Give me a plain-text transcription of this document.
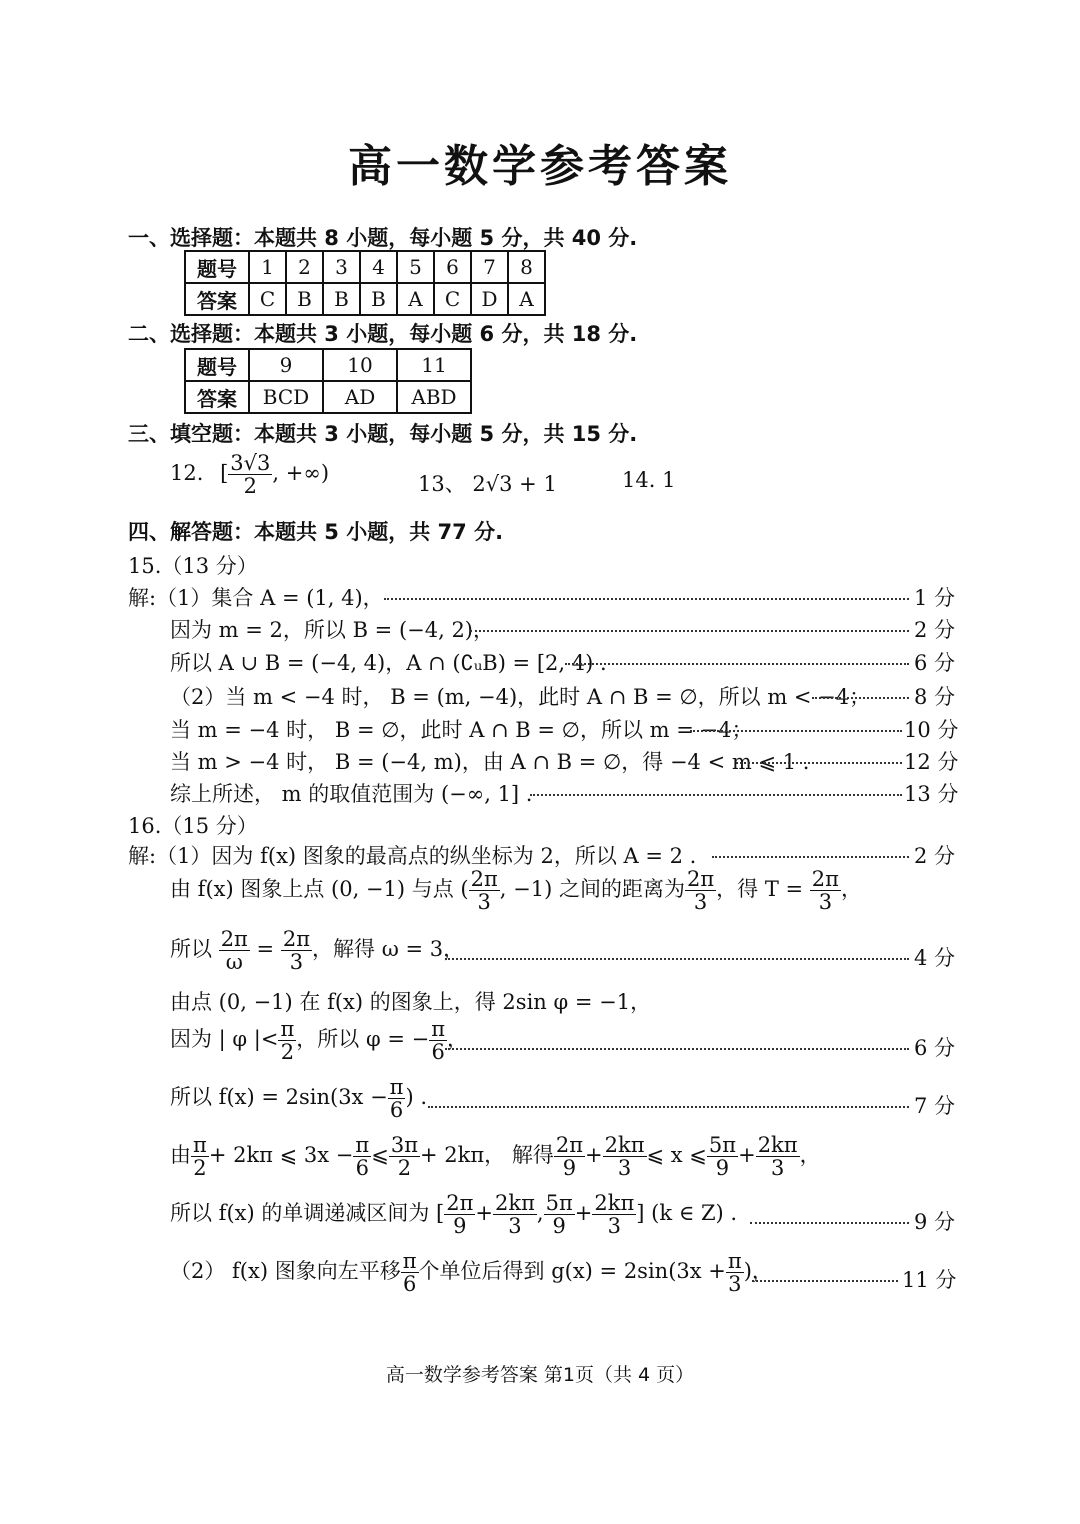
高一数学参考答案
一、选择题：本题共 8 小题，每小题 5 分，共 40 分.
题号	1	2	3	4	5	6	7	8
答案	C	B	B	B	A	C	D	A
二、选择题：本题共 3 小题，每小题 6 分，共 18 分.
题号	9	10	11
答案	BCD	AD	ABD
三、填空题：本题共 3 小题，每小题 5 分，共 15 分.
12. [ $\frac{3√3}{2}$ , +∞)	13、 2√3 + 1	14. 1
四、解答题：本题共 5 小题，共 77 分.
15.（13 分）
解:（1）集合 A = (1, 4)，	1 分
因为 m = 2，所以 B = (−4, 2)，	2 分
所以 A ∪ B = (−4, 4)，A ∩ (∁ᵤB) = [2, 4) .	6 分
（2）当 m < −4 时， B = (m, −4)，此时 A ∩ B = ∅，所以 m < −4； 8 分
当 m = −4 时， B = ∅，此时 A ∩ B = ∅，所以 m = −4；	10 分
当 m > −4 时， B = (−4, m)，由 A ∩ B = ∅，得 −4 < m ⩽ 1 .	12 分
综上所述， m 的取值范围为 (−∞, 1] .	13 分
16.（15 分）
解:（1）因为 f(x) 图象的最高点的纵坐标为 2，所以 A = 2 .	2 分
由 f(x) 图象上点 (0, −1) 与点 ( $\frac{2\pi}{3}$ , −1) 之间的距离为 $\frac{2\pi}{3}$ ，得 $T = \frac{2\pi}{3}$ ，
所以 $\frac{2\pi}{\omega} = \frac{2\pi}{3}$ ，解得 ω = 3，	4 分
由点 (0, −1) 在 f(x) 的图象上，得 2sin φ = −1，
因为 | φ |< $\frac{\pi}{2}$ ，所以 φ = − $\frac{\pi}{6}$ ，	6 分
所以 $f(x) = 2\sin(3x - \frac{\pi}{6}$ ) .	7 分
由 $\frac{\pi}{2} + 2k\pi$ ⩽ $3x - \frac{\pi}{6}$ ⩽ $\frac{3\pi}{2} + 2k\pi$， 解得 $\frac{2\pi}{9} + \frac{2k\pi}{3}$ ⩽ x ⩽ $\frac{5\pi}{9} + \frac{2k\pi}{3}$ ，
所以 f(x) 的单调递减区间为 [ $\frac{2\pi}{9} + \frac{2k\pi}{3}$ , $\frac{5\pi}{9} + \frac{2k\pi}{3}$ ] (k ∈ Z) .	9 分
（2） f(x) 图象向左平移 $\frac{\pi}{6}$ 个单位后得到 $g(x) = 2\sin(3x + \frac{\pi}{3}$ )，	11 分
高一数学参考答案 第1页（共 4 页）
